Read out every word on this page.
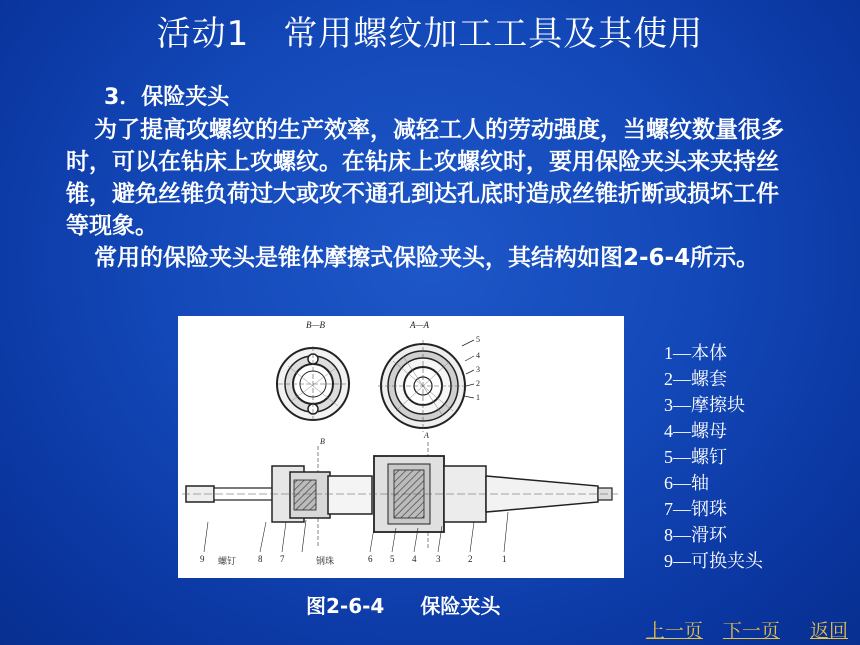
活动1 常用螺纹加工工具及其使用
3．保险夹头

为了提高攻螺纹的生产效率，减轻工人的劳动强度，当螺纹数量很多时，可以在钻床上攻螺纹。在钻床上攻螺纹时，要用保险夹头来夹持丝锥，避免丝锥负荷过大或攻不通孔到达孔底时造成丝锥折断或损坏工件等现象。

常用的保险夹头是锥体摩擦式保险夹头，其结构如图2-6-4所示。

B—B	A—A
5
4
3
2
1
B
A
9 螺钉 8 7	钢珠	6 5 4 3	2	1
1—本体
2—螺套
3—摩擦块
4—螺母
5—螺钉
6—轴
7—钢珠
8—滑环
9—可换夹头
图2-6-4 保险夹头
上一页 下一页 返回
